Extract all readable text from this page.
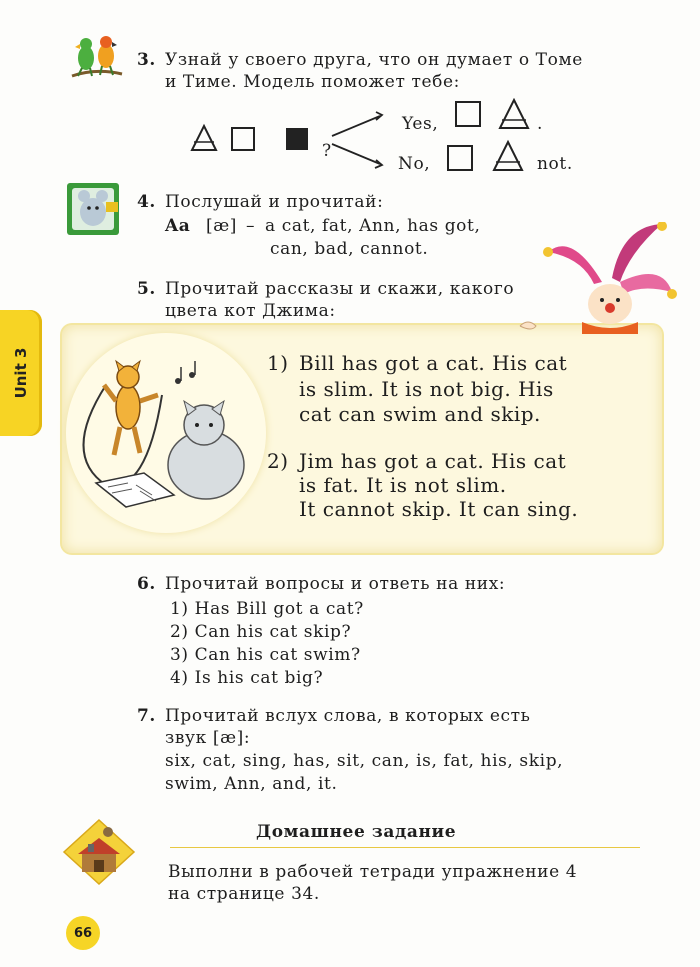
Unit 3
3. Узнай у своего друга, что он думает о Томе
и Тиме. Модель поможет тебе:
?
Yes,	.
No,	not.
4. Послушай и прочитай:
Aa [æ] – a cat, fat, Ann, has got,
can, bad, cannot.
5. Прочитай рассказы и скажи, какого
цвета кот Джима:
1) Bill has got a cat. His cat
is slim. It is not big. His
cat can swim and skip.
2) Jim has got a cat. His cat
is fat. It is not slim.
It cannot skip. It can sing.
6. Прочитай вопросы и ответь на них:
1) Has Bill got a cat?
2) Can his cat skip?
3) Can his cat swim?
4) Is his cat big?
7. Прочитай вслух слова, в которых есть
звук [æ]:
six, cat, sing, has, sit, can, is, fat, his, skip,
swim, Ann, and, it.
Домашнее задание
Выполни в рабочей тетради упражнение 4
на странице 34.
66
